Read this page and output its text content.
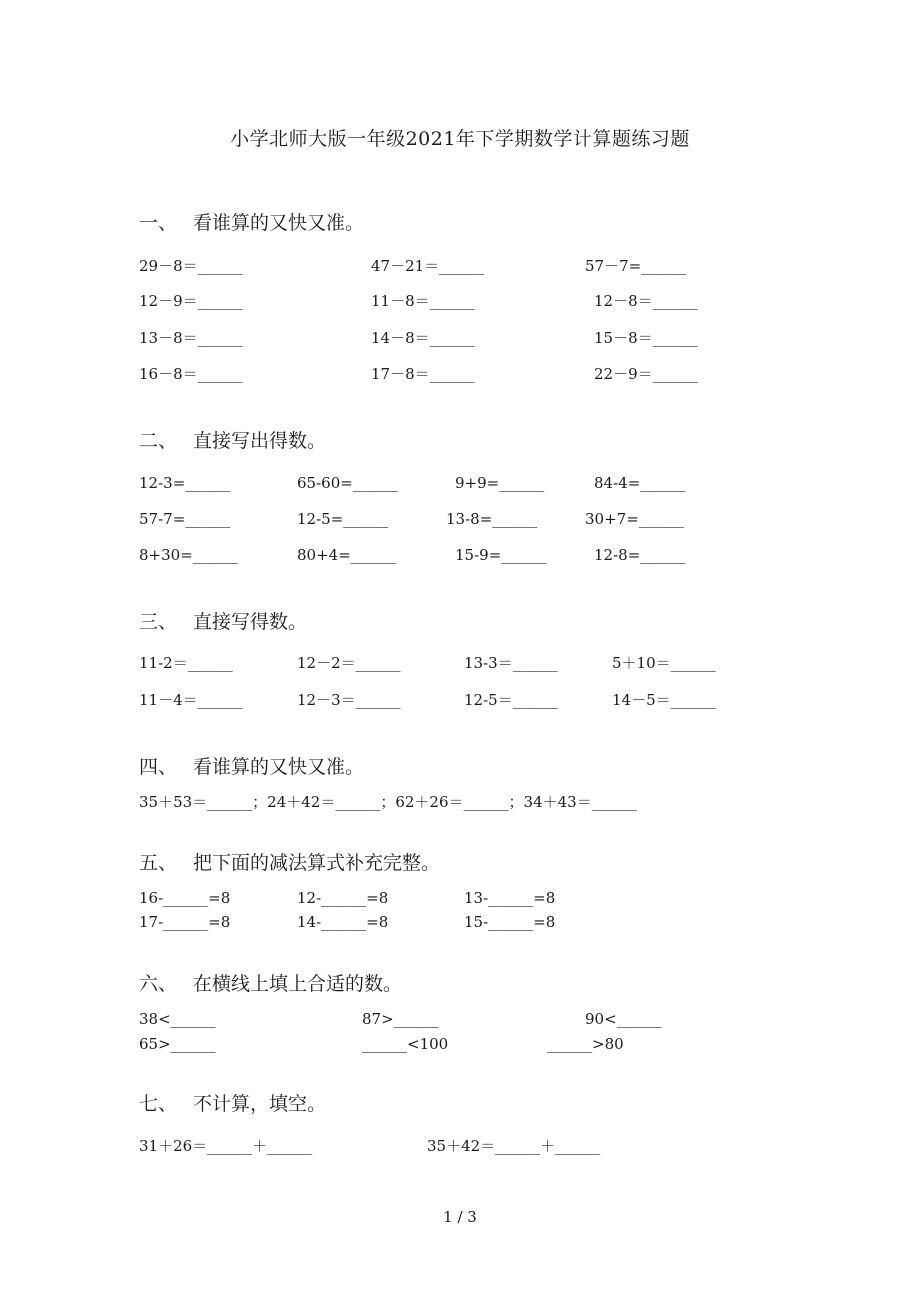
小学北师大版一年级2021年下学期数学计算题练习题
一、 看谁算的又快又准。
29－8＝______	47－21＝______	57－7=______
12－9＝______	11－8＝______	12－8＝______
13－8＝______	14－8＝______	15－8＝______
16－8＝______	17－8＝______	22－9＝______
二、 直接写出得数。
12-3=______	65-60=______	9+9=______	84-4=______
57-7=______	12-5=______	13-8=______	30+7=______
8+30=______	80+4=______	15-9=______	12-8=______
三、 直接写得数。
11-2＝______	12－2＝______	13-3＝______	5＋10＝______
11－4＝______	12－3＝______	12-5＝______	14－5＝______
四、 看谁算的又快又准。
35＋53＝______；24＋42＝______；62＋26＝______；34＋43＝______
五、 把下面的减法算式补充完整。
16-______=8	12-______=8	13-______=8
17-______=8	14-______=8	15-______=8
六、 在横线上填上合适的数。
38<______	87>______	90<______
65>______	______<100	______>80
七、 不计算，填空。
31＋26＝______＋______	35＋42＝______＋______
1 / 3
